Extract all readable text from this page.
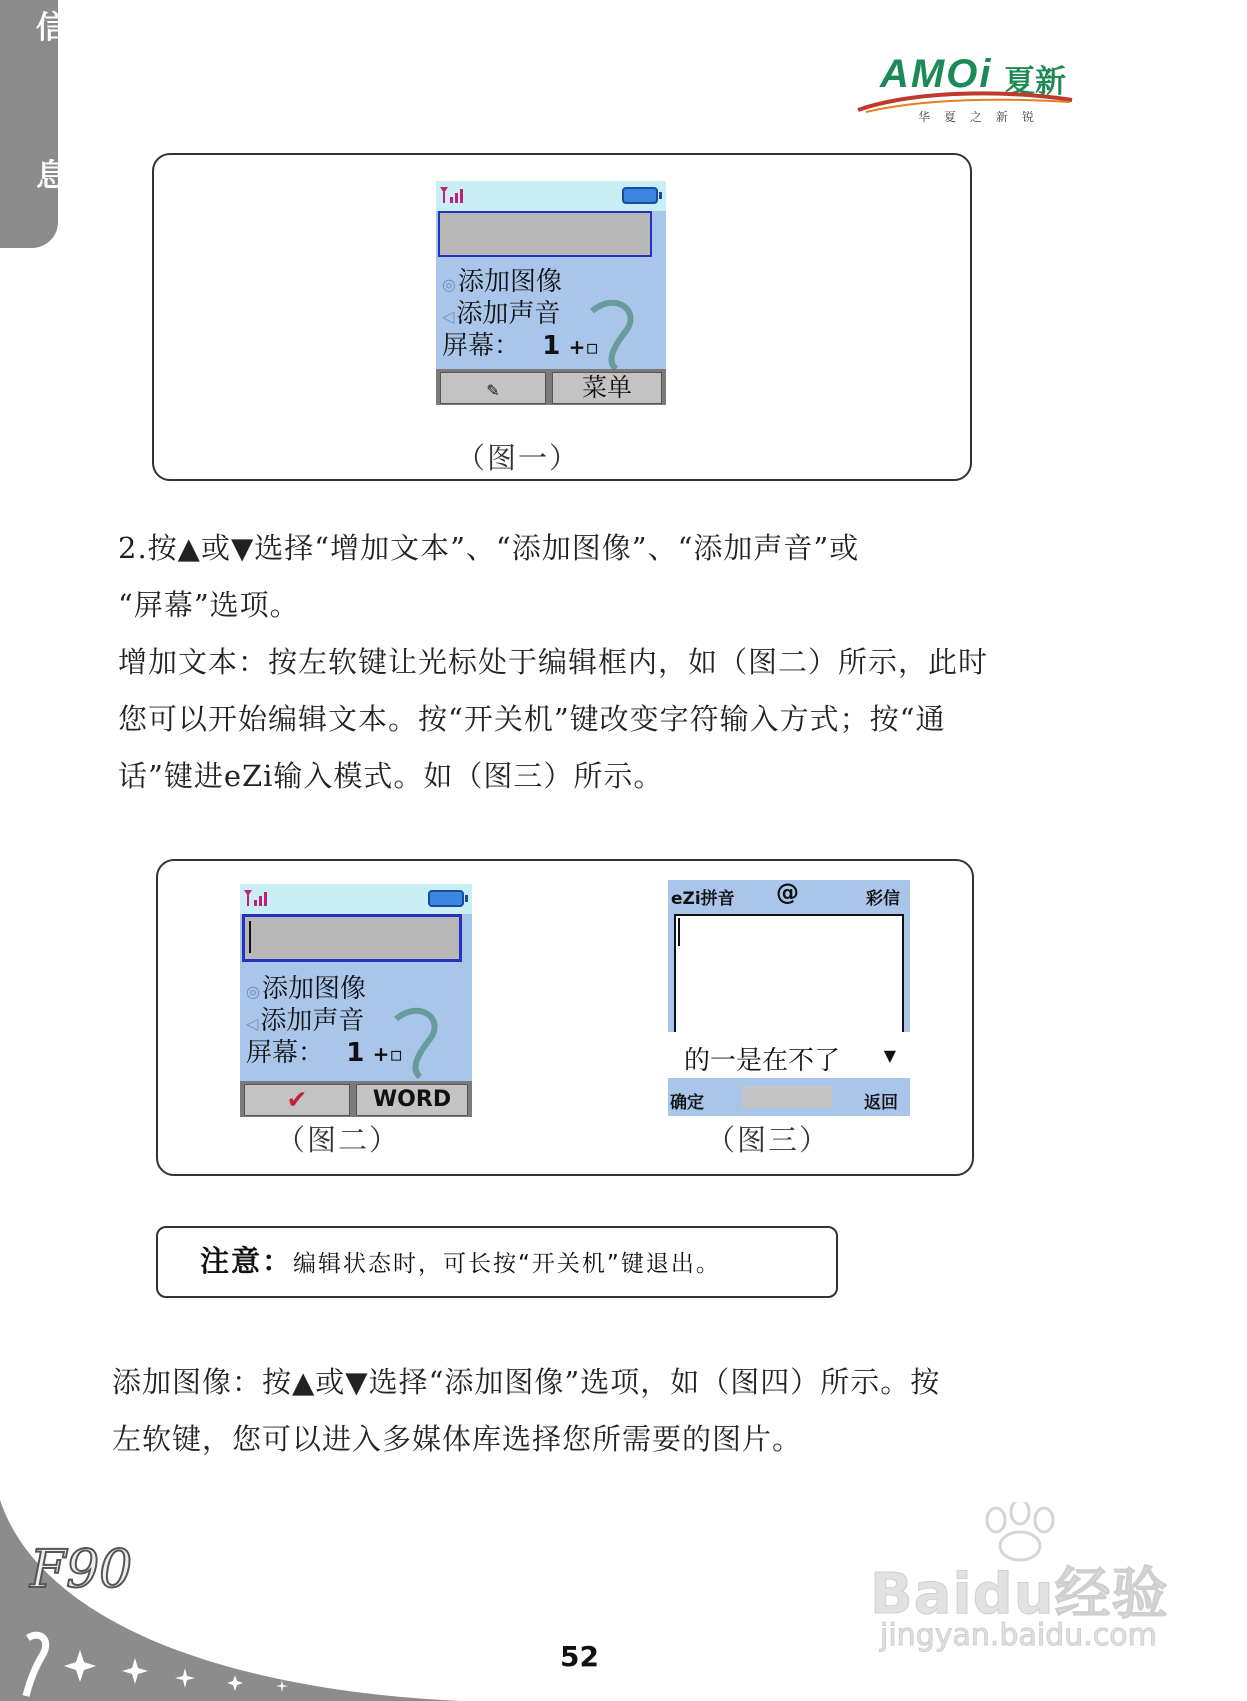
信
息
AMOi 夏新
华夏之新锐
◎添加图像
◁添加声音
屏幕： 1 +▫
✎	菜单
（图一）
2.按▲或▼选择“增加文本”、“添加图像”、“添加声音”或
“屏幕”选项。
增加文本：按左软键让光标处于编辑框内，如（图二）所示，此时
您可以开始编辑文本。按“开关机”键改变字符输入方式；按“通
话”键进eZi输入模式。如（图三）所示。
◎添加图像
◁添加声音
屏幕： 1 +▫
✔	WORD
（图二）
eZi拼音 @	彩信
的一是在不了	▼
确定	返回
（图三）
注意：编辑状态时，可长按“开关机”键退出。
添加图像：按▲或▼选择“添加图像”选项，如（图四）所示。按
左软键，您可以进入多媒体库选择您所需要的图片。
F90
52
Baidu经验
jingyan.baidu.com
